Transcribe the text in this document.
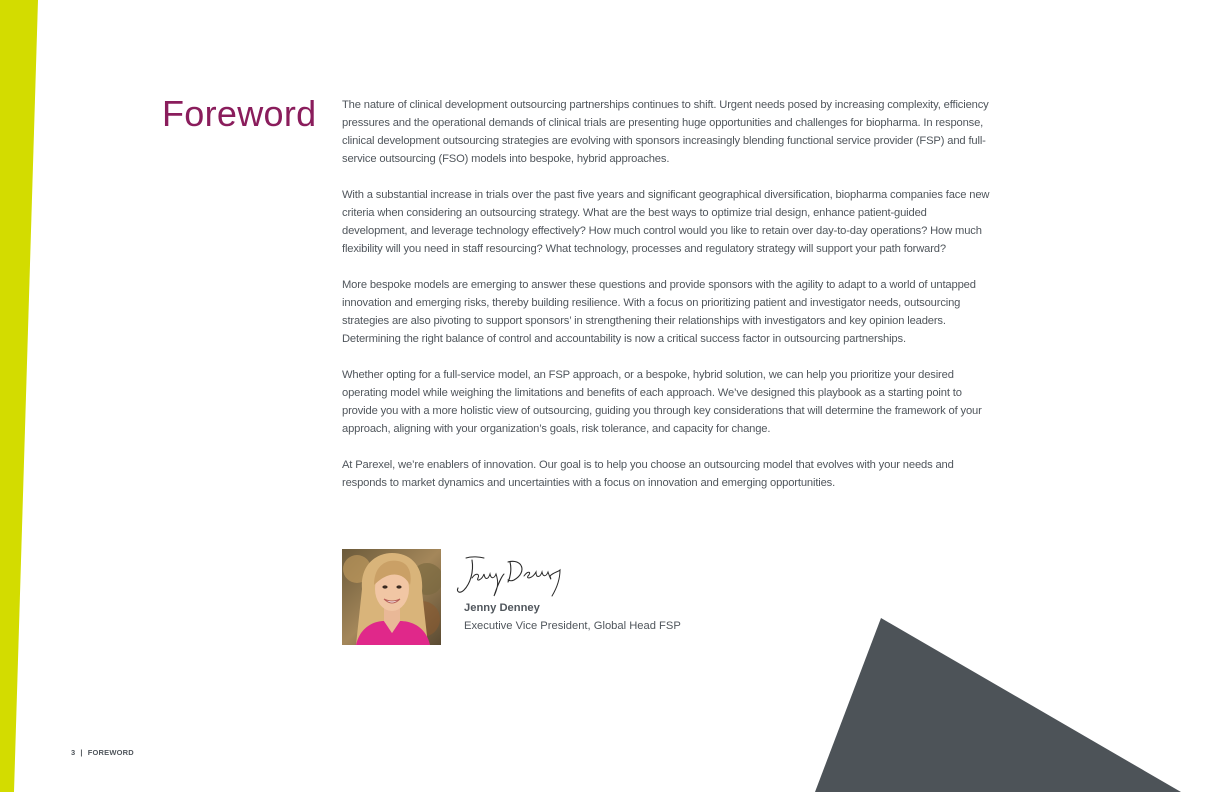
Foreword The nature of clinical development outsourcing partnerships continues to shift. Urgent needs posed by increasing complexity, efficiency pressures and the operational demands of clinical trials are presenting huge opportunities and challenges for biopharma. In response, clinical development outsourcing strategies are evolving with sponsors increasingly blending functional service provider (FSP) and full-service outsourcing (FSO) models into bespoke, hybrid approaches.

With a substantial increase in trials over the past five years and significant geographical diversification, biopharma companies face new criteria when considering an outsourcing strategy. What are the best ways to optimize trial design, enhance patient-guided development, and leverage technology effectively? How much control would you like to retain over day-to-day operations? How much flexibility will you need in staff resourcing? What technology, processes and regulatory strategy will support your path forward?

More bespoke models are emerging to answer these questions and provide sponsors with the agility to adapt to a world of untapped innovation and emerging risks, thereby building resilience. With a focus on prioritizing patient and investigator needs, outsourcing strategies are also pivoting to support sponsors’ in strengthening their relationships with investigators and key opinion leaders. Determining the right balance of control and accountability is now a critical success factor in outsourcing partnerships.

Whether opting for a full-service model, an FSP approach, or a bespoke, hybrid solution, we can help you prioritize your desired operating model while weighing the limitations and benefits of each approach. We’ve designed this playbook as a starting point to provide you with a more holistic view of outsourcing, guiding you through key considerations that will determine the framework of your approach, aligning with your organization’s goals, risk tolerance, and capacity for change.

At Parexel, we’re enablers of innovation. Our goal is to help you choose an outsourcing model that evolves with your needs and responds to market dynamics and uncertainties with a focus on innovation and emerging opportunities.

Jenny Denney
Executive Vice President, Global Head FSP
3 | FOREWORD
